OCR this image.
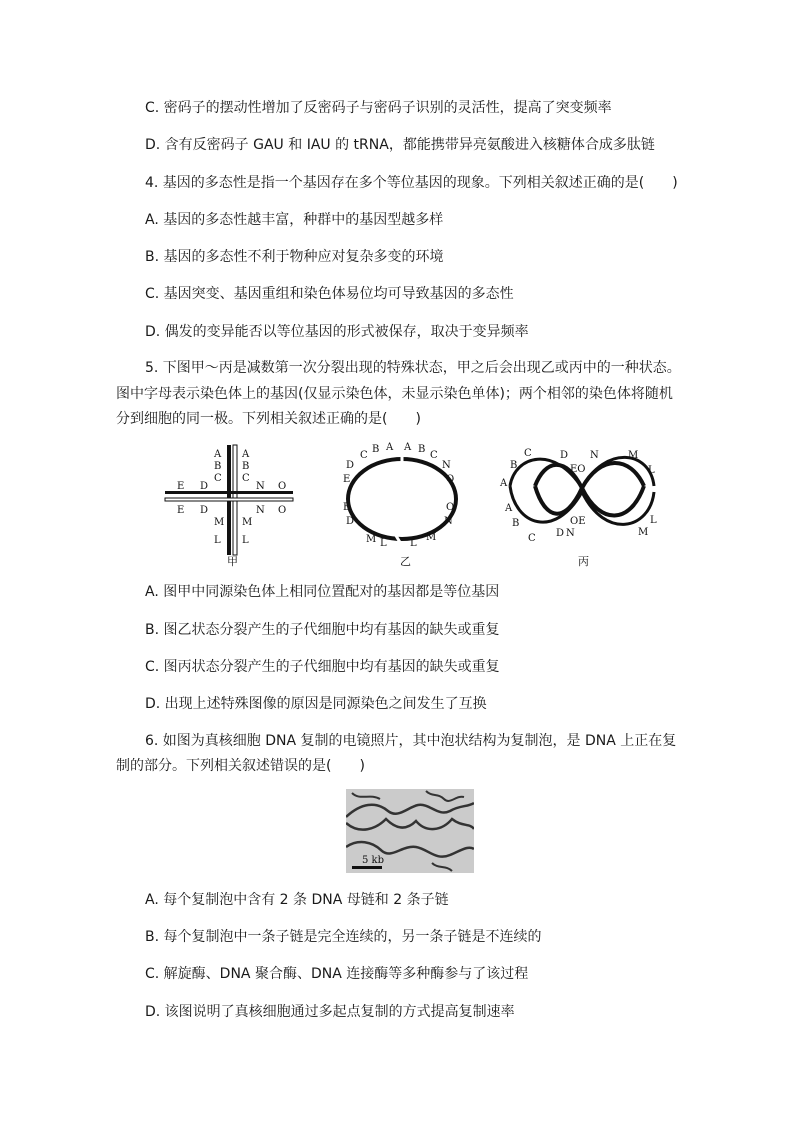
C. 密码子的摆动性增加了反密码子与密码子识别的灵活性，提高了突变频率
D. 含有反密码子 GAU 和 IAU 的 tRNA，都能携带异亮氨酸进入核糖体合成多肽链
4. 基因的多态性是指一个基因存在多个等位基因的现象。下列相关叙述正确的是(　　)
A. 基因的多态性越丰富，种群中的基因型越多样
B. 基因的多态性不利于物种应对复杂多变的环境
C. 基因突变、基因重组和染色体易位均可导致基因的多态性
D. 偶发的变异能否以等位基因的形式被保存，取决于变异频率
5. 下图甲～丙是减数第一次分裂出现的特殊状态，甲之后会出现乙或丙中的一种状态。
图中字母表示染色体上的基因(仅显示染色体，未显示染色单体)；两个相邻的染色体将随机
分到细胞的同一极。下列相关叙述正确的是(　　)
A
B
C
A
B
C
E D
E D
N O
N O
M
L
M
L
甲
C
B A A B
C
D
E
E
D
N
O
O
N
M L L
M
乙
C	D
B
A
A
B
C D
EO
OE
N	M
L
L
M
N
丙
A. 图甲中同源染色体上相同位置配对的基因都是等位基因
B. 图乙状态分裂产生的子代细胞中均有基因的缺失或重复
C. 图丙状态分裂产生的子代细胞中均有基因的缺失或重复
D. 出现上述特殊图像的原因是同源染色之间发生了互换
6. 如图为真核细胞 DNA 复制的电镜照片，其中泡状结构为复制泡，是 DNA 上正在复
制的部分。下列相关叙述错误的是(　　)
5 kb
A. 每个复制泡中含有 2 条 DNA 母链和 2 条子链
B. 每个复制泡中一条子链是完全连续的，另一条子链是不连续的
C. 解旋酶、DNA 聚合酶、DNA 连接酶等多种酶参与了该过程
D. 该图说明了真核细胞通过多起点复制的方式提高复制速率
